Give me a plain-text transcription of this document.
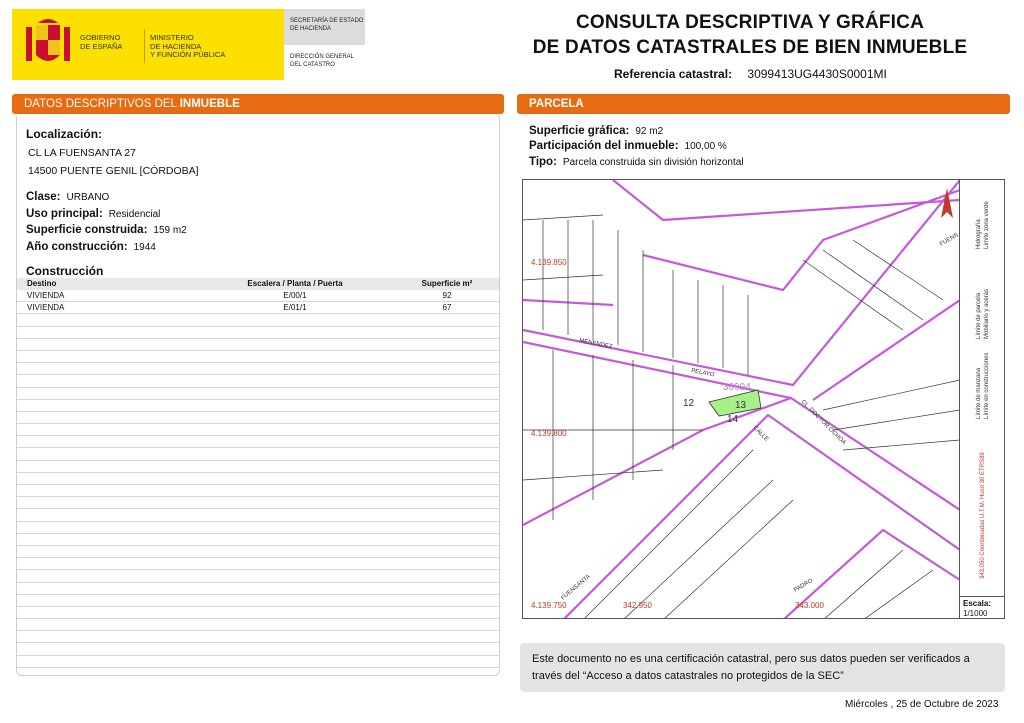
GOBIERNO
DE ESPAÑA
MINISTERIO
DE HACIENDA
Y FUNCIÓN PÚBLICA
SECRETARÍA DE ESTADO
DE HACIENDA
DIRECCIÓN GENERAL
DEL CATASTRO
CONSULTA DESCRIPTIVA Y GRÁFICA
DE DATOS CATASTRALES DE BIEN INMUEBLE
Referencia catastral: 3099413UG4430S0001MI
DATOS DESCRIPTIVOS DEL INMUEBLE	PARCELA
Localización:
CL LA FUENSANTA 27
14500 PUENTE GENIL [CÓRDOBA]
Clase: URBANO
Uso principal: Residencial
Superficie construida: 159 m2
Año construcción: 1944
Construcción
Destino	Escalera / Planta / Puerta	Superficie m²
VIVIENDA	E/00/1	92
VIVIENDA	E/01/1	67
Superficie gráfica: 92 m2
Participación del inmueble: 100,00 %
Tipo: Parcela construida sin división horizontal
4.139.850
4.139.800
4.139.750	342.950	343.000
MENENDEZ
PELAYO
CL. DOCTOR OCHOA
CALLE
FUENSANTA	PADRO
FUENS
30994
13
12
14
Hidrografía Límite zona verde
Límite de parcela Mobiliario y aceras
Límite de manzana Límite en construcciones
343.050 Coordenadas U.T.M. Huso 30 ETRS89
Escala:
1/1000
Este documento no es una certificación catastral, pero sus datos pueden ser verificados a través del “Acceso a datos catastrales no protegidos de la SEC”
Miércoles , 25 de Octubre de 2023
